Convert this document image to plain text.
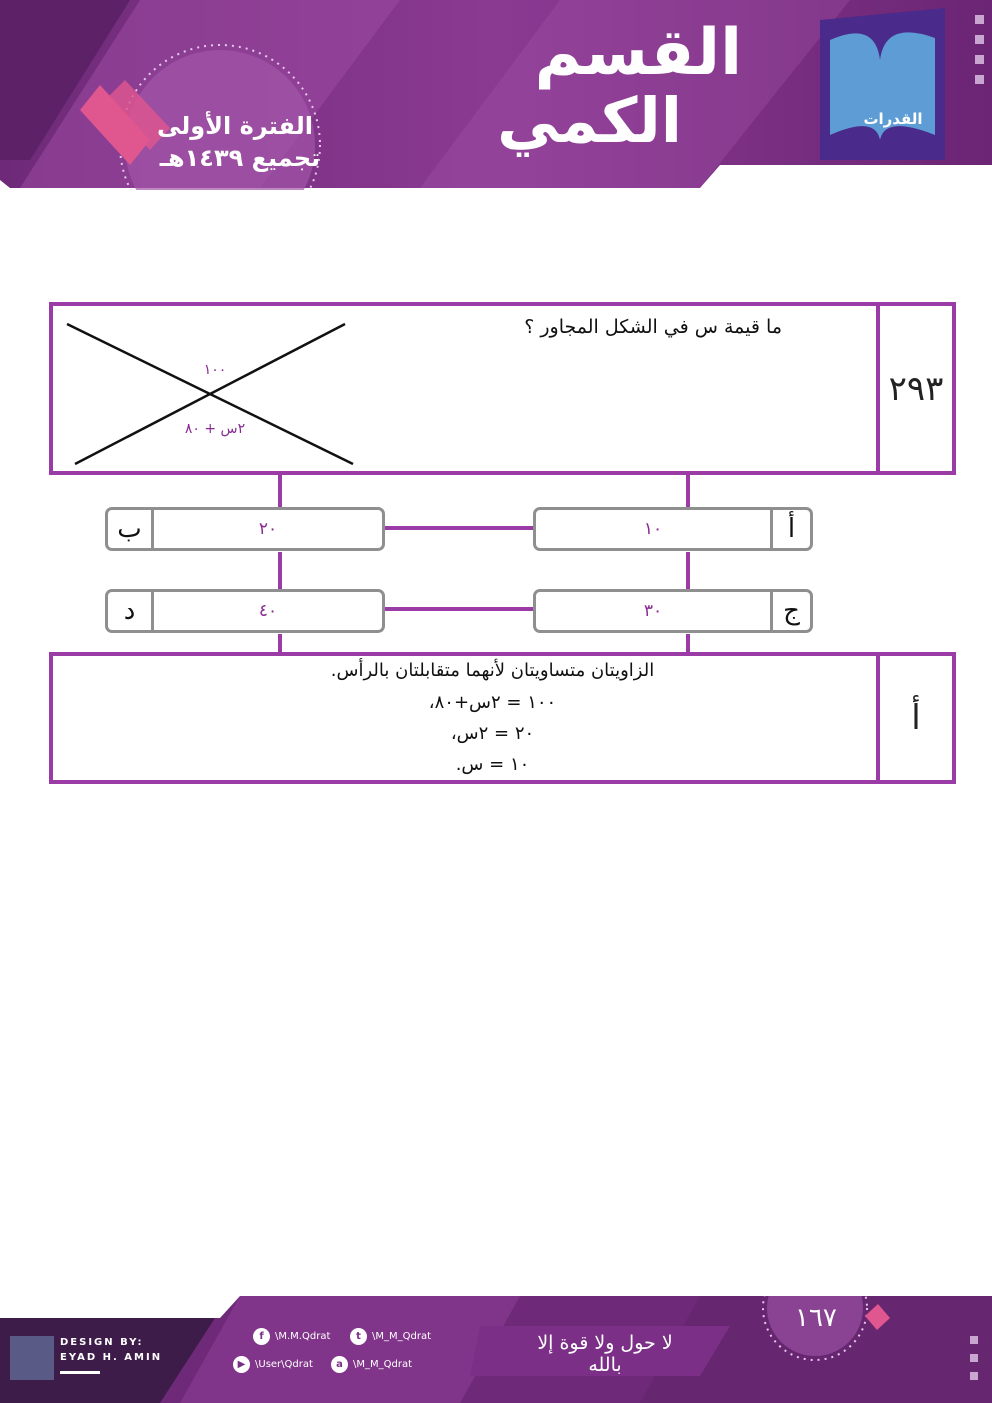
القسم
الكمي
الفترة الأولى
تجميع ١٤٣٩هـ
القدرات
٢٩٣
ما قيمة س في الشكل المجاور ؟
١٠٠
٢س + ٨٠
١٠	أ
ب	٢٠
٣٠	ج
د	٤٠
أ
الزاويتان متساويتان لأنهما متقابلتان بالرأس.
١٠٠ = ٢س+٨٠،
٢٠ = ٢س،
١٠ = س.
DESIGN BY:
EYAD H. AMIN
f	\M.M.Qdrat	t	\M_M_Qdrat
▶ \User\Qdrat	a	\M_M_Qdrat
١٦٧
لا حول ولا قوة إلا بالله
